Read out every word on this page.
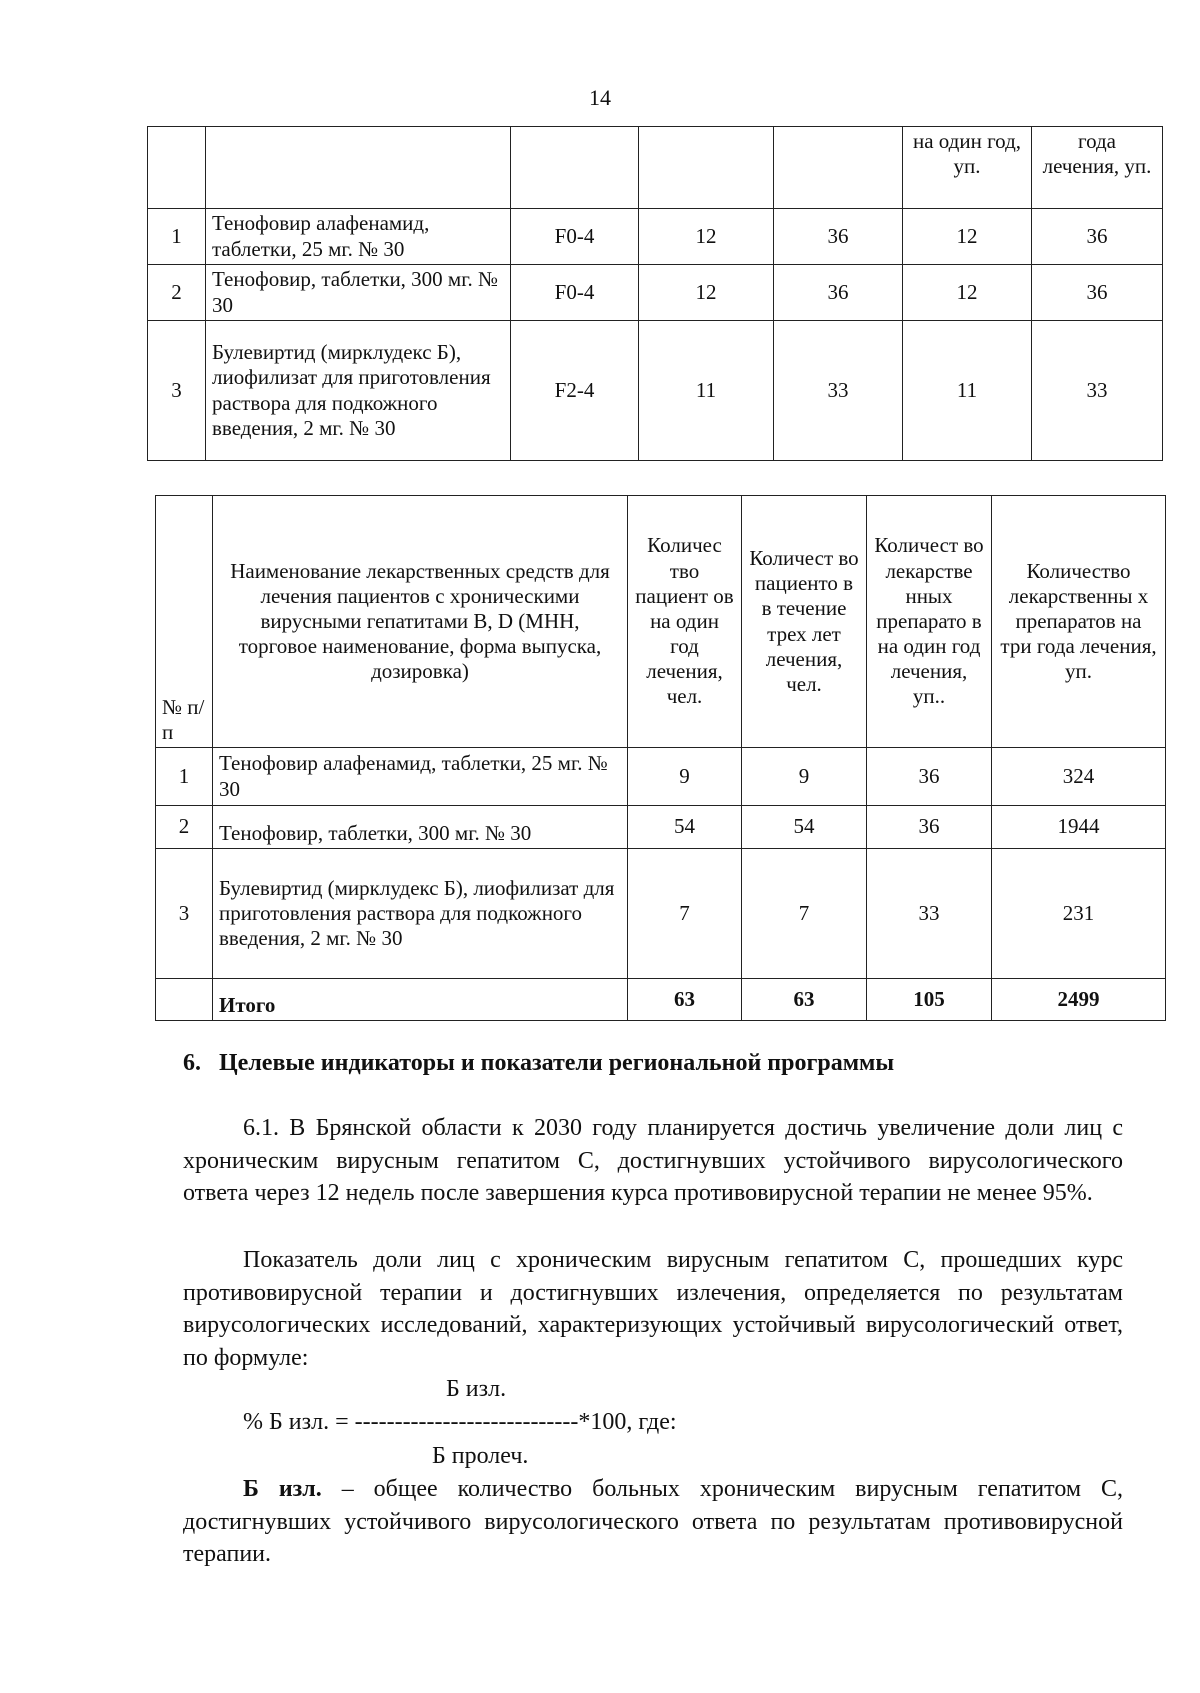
14
					на один год, уп.	года лечения, уп.
1	Тенофовир алафенамид, таблетки, 25 мг. № 30	F0-4	12	36	12	36
2	Тенофовир, таблетки, 300 мг. № 30	F0-4	12	36	12	36
3	Булевиртид (мирклудекс Б), лиофилизат для приготовления раствора для подкожного введения, 2 мг. № 30	F2-4	11	33	11	33
№ п/п	Наименование лекарственных средств для лечения пациентов с хроническими вирусными гепатитами В, D (МНН, торговое наименование, форма выпуска, дозировка)	Количес тво пациент ов на один год лечения, чел.	Количест во пациенто в в течение трех лет лечения, чел.	Количест во лекарстве нных препарато в на один год лечения, уп..	Количество лекарственны х препаратов на три года лечения, уп.
1	Тенофовир алафенамид, таблетки, 25 мг. № 30	9	9	36	324
2	Тенофовир, таблетки, 300 мг. № 30	54	54	36	1944
3	Булевиртид (мирклудекс Б), лиофилизат для приготовления раствора для подкожного введения, 2 мг. № 30	7	7	33	231
	Итого	63	63	105	2499
6.   Целевые индикаторы и показатели региональной программы

6.1. В Брянской области к 2030 году планируется достичь увеличение доли лиц с хроническим вирусным гепатитом С, достигнувших устойчивого вирусологического ответа через 12 недель после завершения курса противовирусной терапии не менее 95%.

Показатель доли лиц с хроническим вирусным гепатитом С, прошедших курс противовирусной терапии и достигнувших излечения, определяется по результатам вирусологических исследований, характеризующих устойчивый вирусологический ответ, по формуле:

Б изл.
% Б изл. = ----------------------------*100, где:
Б пролеч.

Б изл. – общее количество больных хроническим вирусным гепатитом С, достигнувших устойчивого вирусологического ответа по результатам противовирусной терапии.
